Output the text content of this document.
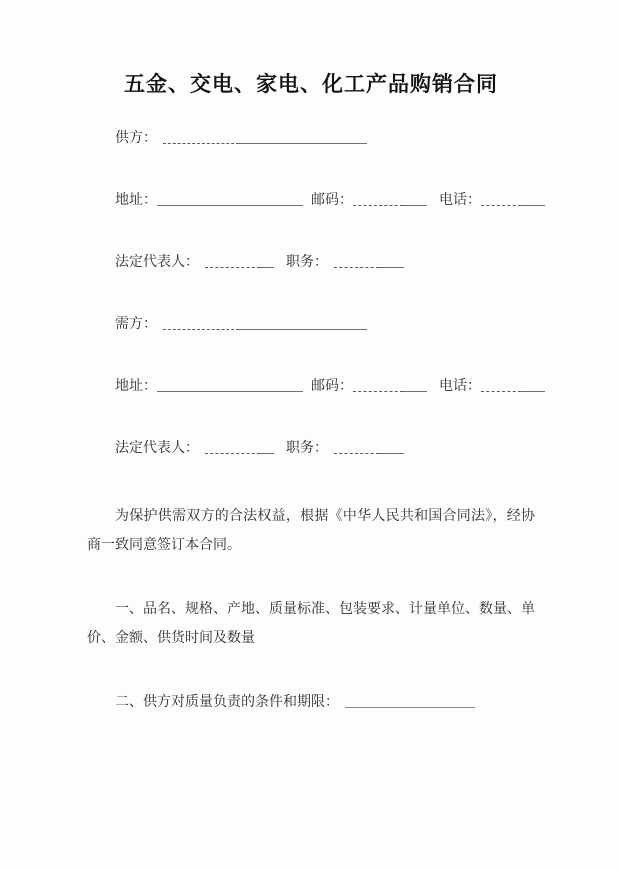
五金、交电、家电、化工产品购销合同

供方：

地址：	邮码：	电话：

法定代表人：	职务：

需方：

地址：	邮码：	电话：

法定代表人：	职务：

为保护供需双方的合法权益，根据《中华人民共和国合同法》，经协商一致同意签订本合同。

一、品名、规格、产地、质量标准、包装要求、计量单位、数量、单价、金额、供货时间及数量

二、供方对质量负责的条件和期限：
